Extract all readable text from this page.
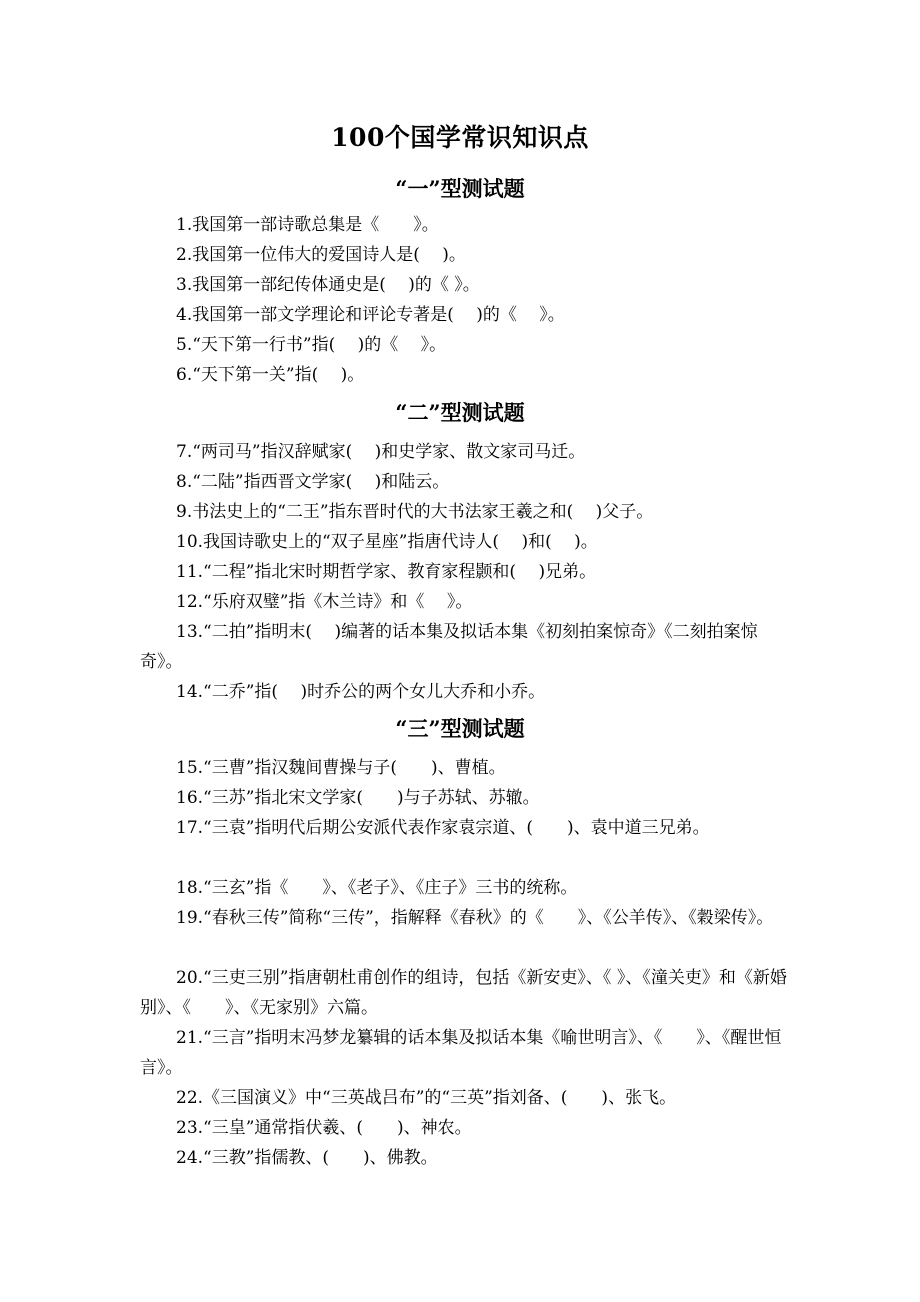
100个国学常识知识点
“一”型测试题
1.我国第一部诗歌总集是《　　》。
2.我国第一位伟大的爱国诗人是(　 )。
3.我国第一部纪传体通史是(　 )的《 》。
4.我国第一部文学理论和评论专著是(　 )的《　 》。
5.“天下第一行书”指(　 )的《　 》。
6.“天下第一关”指(　 )。
“二”型测试题
7.“两司马”指汉辞赋家(　 )和史学家、散文家司马迁。
8.“二陆”指西晋文学家(　 )和陆云。
9.书法史上的“二王”指东晋时代的大书法家王羲之和(　 )父子。
10.我国诗歌史上的“双子星座”指唐代诗人(　 )和(　 )。
11.“二程”指北宋时期哲学家、教育家程颢和(　 )兄弟。
12.“乐府双璧”指《木兰诗》和《　 》。
13.“二拍”指明末(　 )编著的话本集及拟话本集《初刻拍案惊奇》《二刻拍案惊奇》。
14.“二乔”指(　 )时乔公的两个女儿大乔和小乔。
“三”型测试题
15.“三曹”指汉魏间曹操与子(　　)、曹植。
16.“三苏”指北宋文学家(　　)与子苏轼、苏辙。
17.“三袁”指明代后期公安派代表作家袁宗道、(　　)、袁中道三兄弟。
18.“三玄”指《　　》、《老子》、《庄子》三书的统称。
19.“春秋三传”简称“三传”，指解释《春秋》的《　　》、《公羊传》、《穀梁传》。
20.“三吏三别”指唐朝杜甫创作的组诗，包括《新安吏》、《 》、《潼关吏》和《新婚别》、《　　》、《无家别》六篇。
21.“三言”指明末冯梦龙纂辑的话本集及拟话本集《喻世明言》、《　　》、《醒世恒言》。
22.《三国演义》中“三英战吕布”的“三英”指刘备、(　　)、张飞。
23.“三皇”通常指伏羲、(　　)、神农。
24.“三教”指儒教、(　　)、佛教。
